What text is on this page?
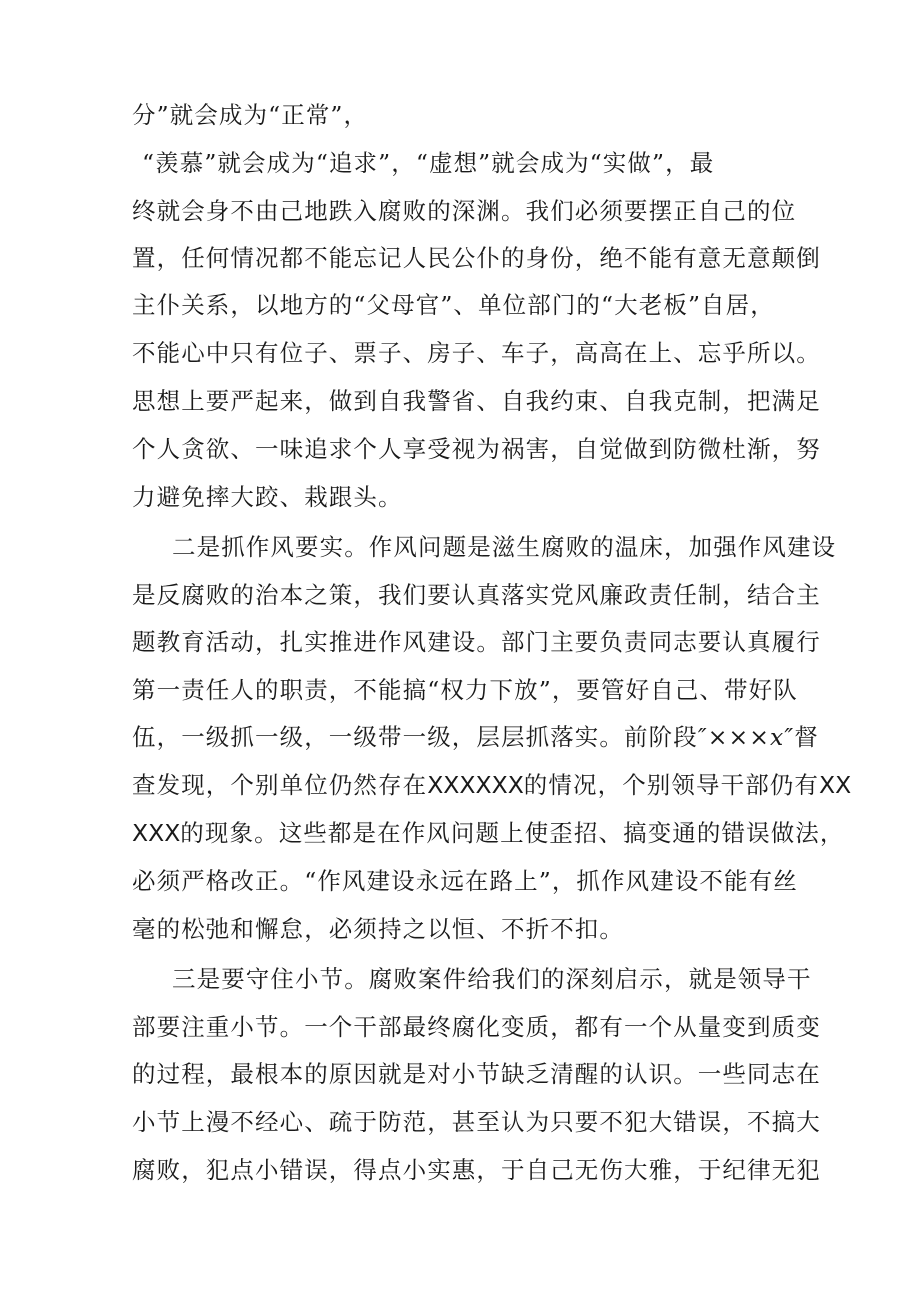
分”就会成为“正常”，
“羡慕”就会成为“追求”，“虚想”就会成为“实做”，最
终就会身不由己地跌入腐败的深渊。我们必须要摆正自己的位
置，任何情况都不能忘记人民公仆的身份，绝不能有意无意颠倒
主仆关系，以地方的“父母官”、单位部门的“大老板”自居，
不能心中只有位子、票子、房子、车子，高高在上、忘乎所以。
思想上要严起来，做到自我警省、自我约束、自我克制，把满足
个人贪欲、一味追求个人享受视为祸害，自觉做到防微杜渐，努
力避免摔大跤、栽跟头。
二是抓作风要实。作风问题是滋生腐败的温床，加强作风建设
是反腐败的治本之策，我们要认真落实党风廉政责任制，结合主
题教育活动，扎实推进作风建设。部门主要负责同志要认真履行
第一责任人的职责，不能搞“权力下放”，要管好自己、带好队
伍，一级抓一级，一级带一级，层层抓落实。前阶段″×××x″督
查发现，个别单位仍然存在XXXXXX的情况，个别领导干部仍有XX
XXX的现象。这些都是在作风问题上使歪招、搞变通的错误做法，
必须严格改正。“作风建设永远在路上”，抓作风建设不能有丝
毫的松弛和懈怠，必须持之以恒、不折不扣。
三是要守住小节。腐败案件给我们的深刻启示，就是领导干
部要注重小节。一个干部最终腐化变质，都有一个从量变到质变
的过程，最根本的原因就是对小节缺乏清醒的认识。一些同志在
小节上漫不经心、疏于防范，甚至认为只要不犯大错误，不搞大
腐败，犯点小错误，得点小实惠，于自己无伤大雅，于纪律无犯
